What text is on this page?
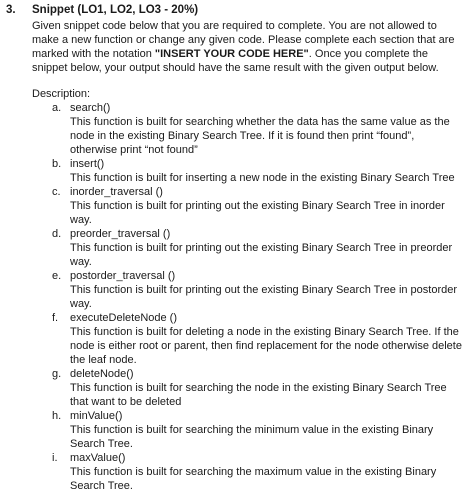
3.	Snippet (LO1, LO2, LO3 - 20%)

Given snippet code below that you are required to complete. You are not allowed to make a new function or change any given code. Please complete each section that are marked with the notation "INSERT YOUR CODE HERE". Once you complete the snippet below, your output should have the same result with the given output below.

Description:
a. search()
This function is built for searching whether the data has the same value as the node in the existing Binary Search Tree. If it is found then print “found”, otherwise print “not found”
b. insert()
This function is built for inserting a new node in the existing Binary Search Tree
c. inorder_traversal ()
This function is built for printing out the existing Binary Search Tree in inorder way.
d. preorder_traversal ()
This function is built for printing out the existing Binary Search Tree in preorder way.
e. postorder_traversal ()
This function is built for printing out the existing Binary Search Tree in postorder way.
f.	executeDeleteNode ()
This function is built for deleting a node in the existing Binary Search Tree. If the node is either root or parent, then find replacement for the node otherwise delete the leaf node.
g. deleteNode()
This function is built for searching the node in the existing Binary Search Tree that want to be deleted
h. minValue()
This function is built for searching the minimum value in the existing Binary Search Tree.
i.	maxValue()
This function is built for searching the maximum value in the existing Binary Search Tree.
